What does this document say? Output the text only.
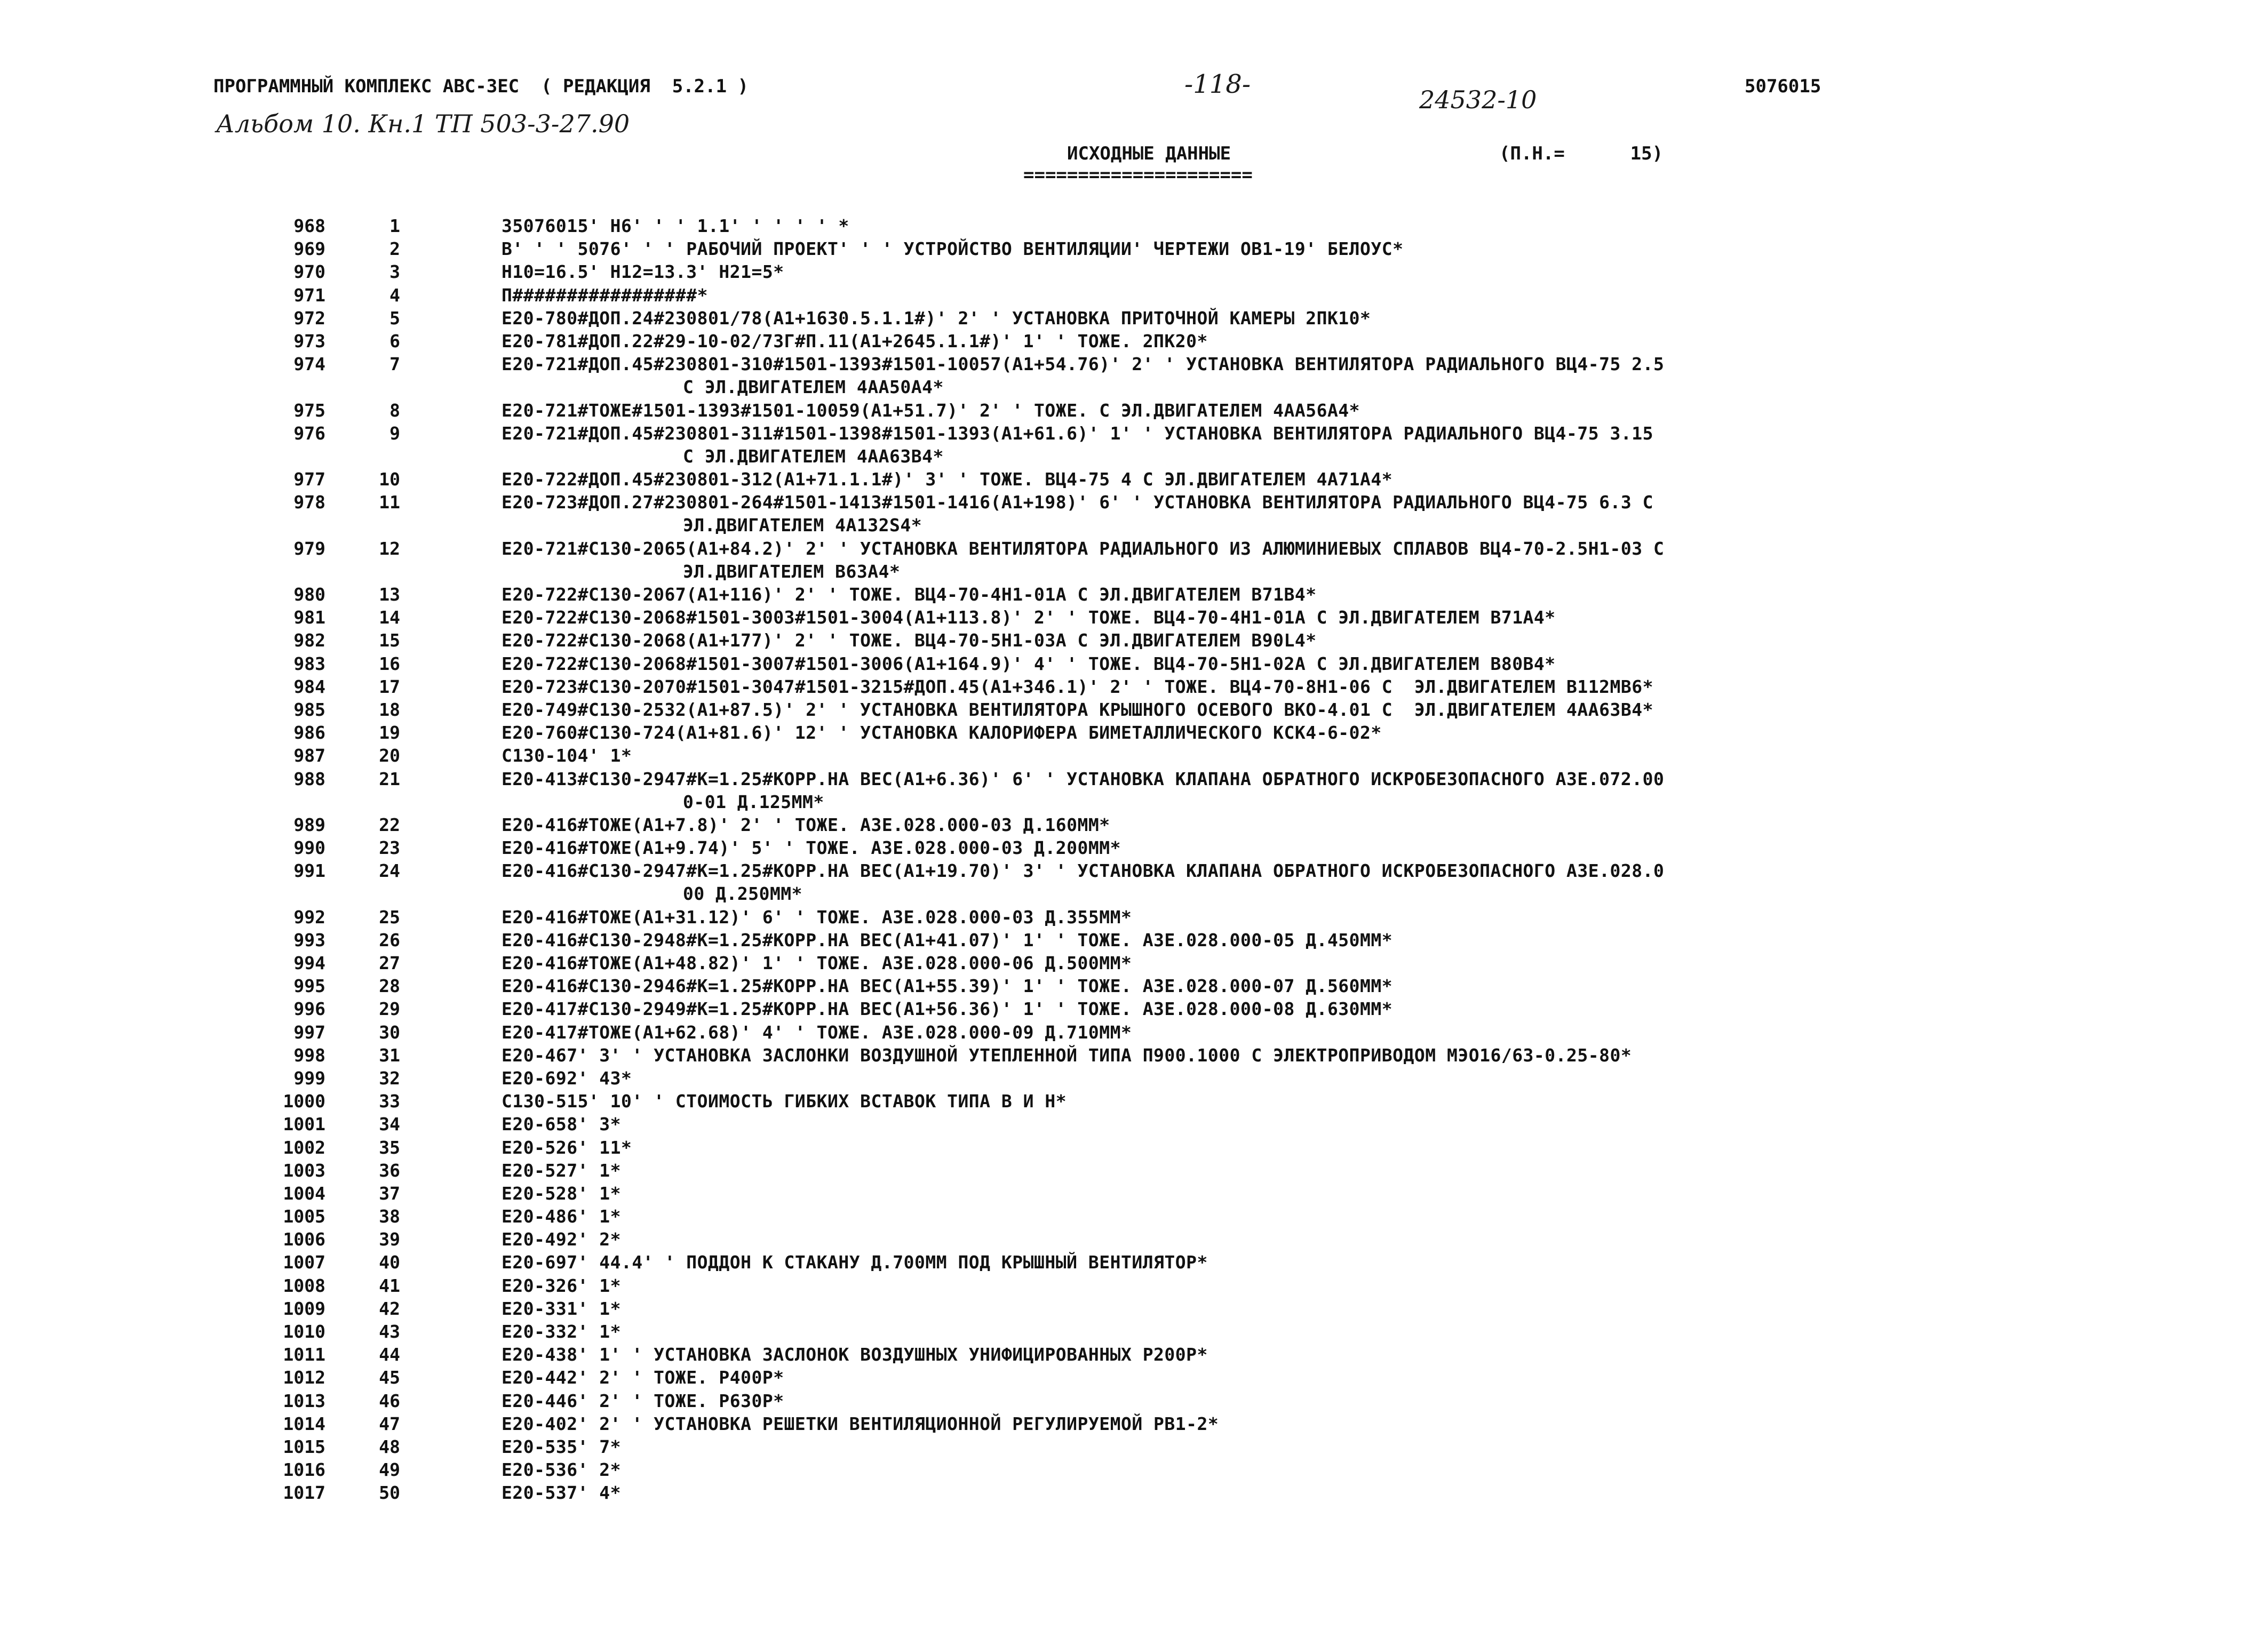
ПРОГРАММНЫЙ КОМПЛЕКС АВС-3ЕС  ( РЕДАКЦИЯ  5.2.1 )	-118-	5076015
Альбом 10. Кн.1 ТП 503-3-27.90
24532-10
ИСХОДНЫЕ ДАННЫЕ
=====================
(П.Н.=      15)
968	1	35076015' Н6' ' ' 1.1' ' ' ' ' *
969	2	В' ' ' 5076' ' ' РАБОЧИЙ ПРОЕКТ' ' ' УСТРОЙСТВО ВЕНТИЛЯЦИИ' ЧЕРТЕЖИ ОВ1-19' БЕЛОУС*
970	3	Н10=16.5' Н12=13.3' Н21=5*
971	4	П#################*
972	5	Е20-780#ДОП.24#230801/78(А1+1630.5.1.1#)' 2' ' УСТАНОВКА ПРИТОЧНОЙ КАМЕРЫ 2ПК10*
973	6	Е20-781#ДОП.22#29-10-02/73Г#П.11(А1+2645.1.1#)' 1' ' ТОЖЕ. 2ПК20*
974	7	Е20-721#ДОП.45#230801-310#1501-1393#1501-10057(А1+54.76)' 2' ' УСТАНОВКА ВЕНТИЛЯТОРА РАДИАЛЬНОГО ВЦ4-75 2.5
С ЭЛ.ДВИГАТЕЛЕМ 4АА50А4*
975	8	Е20-721#ТОЖЕ#1501-1393#1501-10059(А1+51.7)' 2' ' ТОЖЕ. С ЭЛ.ДВИГАТЕЛЕМ 4АА56А4*
976	9	Е20-721#ДОП.45#230801-311#1501-1398#1501-1393(А1+61.6)' 1' ' УСТАНОВКА ВЕНТИЛЯТОРА РАДИАЛЬНОГО ВЦ4-75 3.15
С ЭЛ.ДВИГАТЕЛЕМ 4АА63В4*
977	10	Е20-722#ДОП.45#230801-312(А1+71.1.1#)' 3' ' ТОЖЕ. ВЦ4-75 4 С ЭЛ.ДВИГАТЕЛЕМ 4А71А4*
978	11	Е20-723#ДОП.27#230801-264#1501-1413#1501-1416(А1+198)' 6' ' УСТАНОВКА ВЕНТИЛЯТОРА РАДИАЛЬНОГО ВЦ4-75 6.3 С
ЭЛ.ДВИГАТЕЛЕМ 4А132S4*
979	12	Е20-721#С130-2065(А1+84.2)' 2' ' УСТАНОВКА ВЕНТИЛЯТОРА РАДИАЛЬНОГО ИЗ АЛЮМИНИЕВЫХ СПЛАВОВ ВЦ4-70-2.5Н1-03 С
ЭЛ.ДВИГАТЕЛЕМ В63А4*
980	13	Е20-722#С130-2067(А1+116)' 2' ' ТОЖЕ. ВЦ4-70-4Н1-01А С ЭЛ.ДВИГАТЕЛЕМ В71В4*
981	14	Е20-722#С130-2068#1501-3003#1501-3004(А1+113.8)' 2' ' ТОЖЕ. ВЦ4-70-4Н1-01А С ЭЛ.ДВИГАТЕЛЕМ В71А4*
982	15	Е20-722#С130-2068(А1+177)' 2' ' ТОЖЕ. ВЦ4-70-5Н1-03А С ЭЛ.ДВИГАТЕЛЕМ В90L4*
983	16	Е20-722#С130-2068#1501-3007#1501-3006(А1+164.9)' 4' ' ТОЖЕ. ВЦ4-70-5Н1-02А С ЭЛ.ДВИГАТЕЛЕМ В80В4*
984	17	Е20-723#С130-2070#1501-3047#1501-3215#ДОП.45(А1+346.1)' 2' ' ТОЖЕ. ВЦ4-70-8Н1-06 С  ЭЛ.ДВИГАТЕЛЕМ В112МВ6*
985	18	Е20-749#С130-2532(А1+87.5)' 2' ' УСТАНОВКА ВЕНТИЛЯТОРА КРЫШНОГО ОСЕВОГО ВКО-4.01 С  ЭЛ.ДВИГАТЕЛЕМ 4АА63В4*
986	19	Е20-760#С130-724(А1+81.6)' 12' ' УСТАНОВКА КАЛОРИФЕРА БИМЕТАЛЛИЧЕСКОГО КСК4-6-02*
987	20	С130-104' 1*
988	21	Е20-413#С130-2947#К=1.25#КОРР.НА ВЕС(А1+6.36)' 6' ' УСТАНОВКА КЛАПАНА ОБРАТНОГО ИСКРОБЕЗОПАСНОГО АЗЕ.072.00
0-01 Д.125ММ*
989	22	Е20-416#ТОЖЕ(А1+7.8)' 2' ' ТОЖЕ. АЗЕ.028.000-03 Д.160ММ*
990	23	Е20-416#ТОЖЕ(А1+9.74)' 5' ' ТОЖЕ. АЗЕ.028.000-03 Д.200ММ*
991	24	Е20-416#С130-2947#К=1.25#КОРР.НА ВЕС(А1+19.70)' 3' ' УСТАНОВКА КЛАПАНА ОБРАТНОГО ИСКРОБЕЗОПАСНОГО АЗЕ.028.0
00 Д.250ММ*
992	25	Е20-416#ТОЖЕ(А1+31.12)' 6' ' ТОЖЕ. АЗЕ.028.000-03 Д.355ММ*
993	26	Е20-416#С130-2948#К=1.25#КОРР.НА ВЕС(А1+41.07)' 1' ' ТОЖЕ. АЗЕ.028.000-05 Д.450ММ*
994	27	Е20-416#ТОЖЕ(А1+48.82)' 1' ' ТОЖЕ. АЗЕ.028.000-06 Д.500ММ*
995	28	Е20-416#С130-2946#К=1.25#КОРР.НА ВЕС(А1+55.39)' 1' ' ТОЖЕ. АЗЕ.028.000-07 Д.560ММ*
996	29	Е20-417#С130-2949#К=1.25#КОРР.НА ВЕС(А1+56.36)' 1' ' ТОЖЕ. АЗЕ.028.000-08 Д.630ММ*
997	30	Е20-417#ТОЖЕ(А1+62.68)' 4' ' ТОЖЕ. АЗЕ.028.000-09 Д.710ММ*
998	31	Е20-467' 3' ' УСТАНОВКА ЗАСЛОНКИ ВОЗДУШНОЙ УТЕПЛЕННОЙ ТИПА П900.1000 С ЭЛЕКТРОПРИВОДОМ МЭО16/63-0.25-80*
999	32	Е20-692' 43*
1000	33	С130-515' 10' ' СТОИМОСТЬ ГИБКИХ ВСТАВОК ТИПА В И Н*
1001	34	Е20-658' 3*
1002	35	Е20-526' 11*
1003	36	Е20-527' 1*
1004	37	Е20-528' 1*
1005	38	Е20-486' 1*
1006	39	Е20-492' 2*
1007	40	Е20-697' 44.4' ' ПОДДОН К СТАКАНУ Д.700ММ ПОД КРЫШНЫЙ ВЕНТИЛЯТОР*
1008	41	Е20-326' 1*
1009	42	Е20-331' 1*
1010	43	Е20-332' 1*
1011	44	Е20-438' 1' ' УСТАНОВКА ЗАСЛОНОК ВОЗДУШНЫХ УНИФИЦИРОВАННЫХ Р200Р*
1012	45	Е20-442' 2' ' ТОЖЕ. Р400Р*
1013	46	Е20-446' 2' ' ТОЖЕ. Р630Р*
1014	47	Е20-402' 2' ' УСТАНОВКА РЕШЕТКИ ВЕНТИЛЯЦИОННОЙ РЕГУЛИРУЕМОЙ РВ1-2*
1015	48	Е20-535' 7*
1016	49	Е20-536' 2*
1017	50	Е20-537' 4*
